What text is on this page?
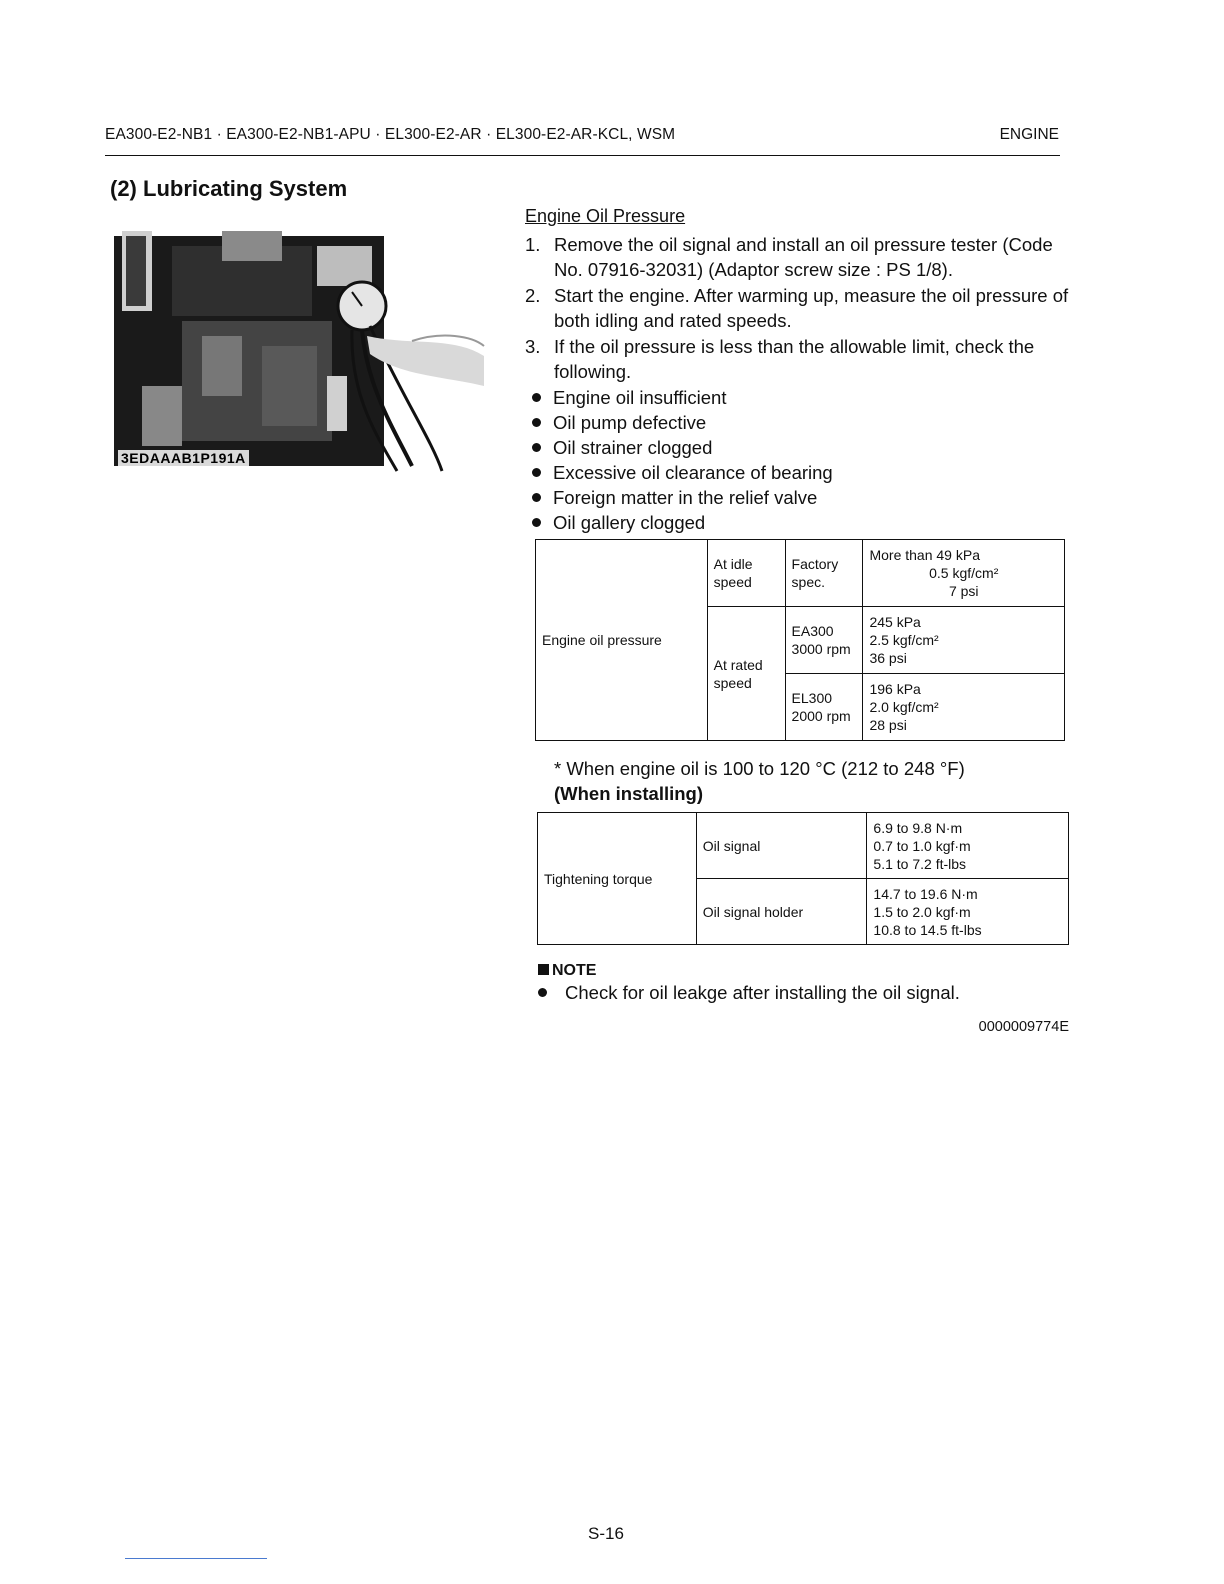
EA300-E2-NB1 · EA300-E2-NB1-APU · EL300-E2-AR · EL300-E2-AR-KCL, WSM	ENGINE
(2) Lubricating System
3EDAAAB1P191A
Engine Oil Pressure
1. Remove the oil signal and install an oil pressure tester (Code No. 07916-32031) (Adaptor screw size : PS 1/8).
2. Start the engine. After warming up, measure the oil pressure of both idling and rated speeds.
3. If the oil pressure is less than the allowable limit, check the following.
Engine oil insufficient
Oil pump defective
Oil strainer clogged
Excessive oil clearance of bearing
Foreign matter in the relief valve
Oil gallery clogged
Engine oil pressure	At idle speed	Factory spec.	More than 49 kPa
0.5 kgf/cm²
7 psi

	At rated speed	EA300 3000 rpm	245 kPa
2.5 kgf/cm²
36 psi

		EL300 2000 rpm	196 kPa
2.0 kgf/cm²
28 psi
* When engine oil is 100 to 120 °C (212 to 248 °F)
(When installing)
Tightening torque	Oil signal	6.9 to 9.8 N·m
0.7 to 1.0 kgf·m
5.1 to 7.2 ft-lbs

	Oil signal holder	14.7 to 19.6 N·m
1.5 to 2.0 kgf·m
10.8 to 14.5 ft-lbs
NOTE
Check for oil leakge after installing the oil signal.
0000009774E
S-16
